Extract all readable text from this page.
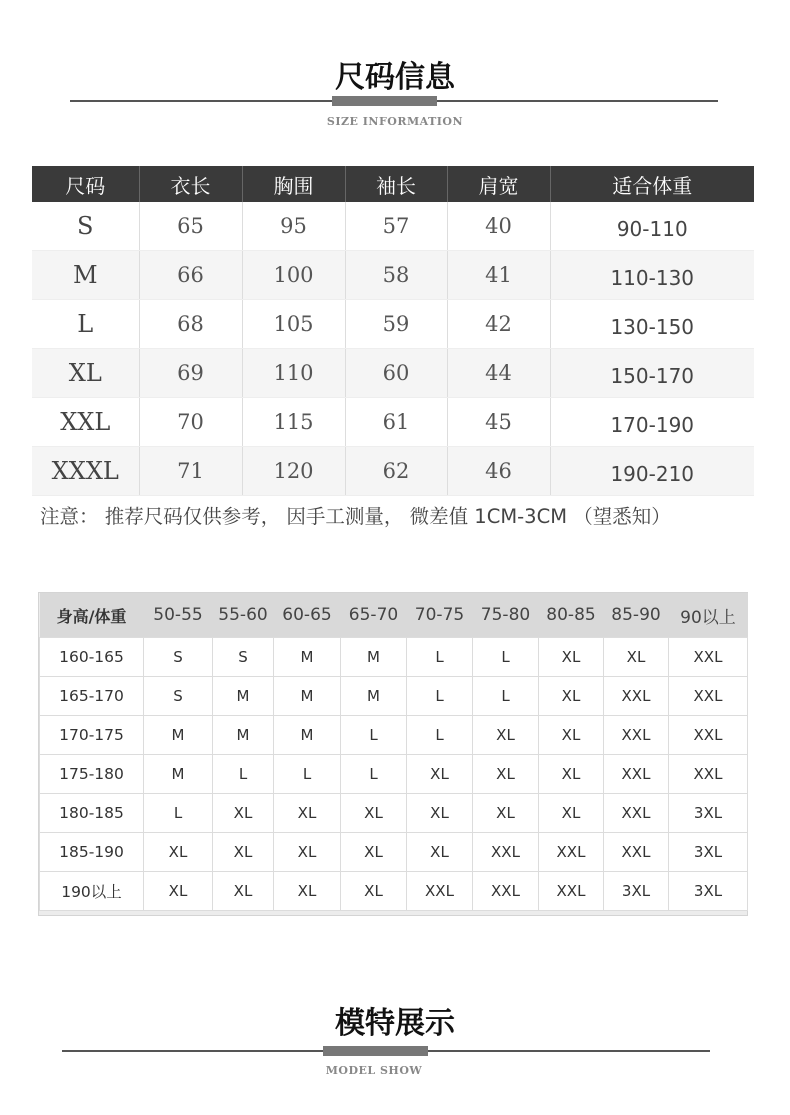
尺码信息
SIZE INFORMATION
尺码	衣长	胸围	袖长	肩宽	适合体重
S	65	95	57	40	90-110
M	66	100	58	41	110-130
L	68	105	59	42	130-150
XL	69	110	60	44	150-170
XXL	70	115	61	45	170-190
XXXL	71	120	62	46	190-210
注意： 推荐尺码仅供参考， 因手工测量， 微差值 1CM-3CM （望悉知）
身高/体重	50-55	55-60	60-65	65-70	70-75	75-80	80-85	85-90	90以上
160-165	S	S	M	M	L	L	XL	XL	XXL
165-170	S	M	M	M	L	L	XL	XXL	XXL
170-175	M	M	M	L	L	XL	XL	XXL	XXL
175-180	M	L	L	L	XL	XL	XL	XXL	XXL
180-185	L	XL	XL	XL	XL	XL	XL	XXL	3XL
185-190	XL	XL	XL	XL	XL	XXL	XXL	XXL	3XL
190以上	XL	XL	XL	XL	XXL	XXL	XXL	3XL	3XL
模特展示
MODEL SHOW
